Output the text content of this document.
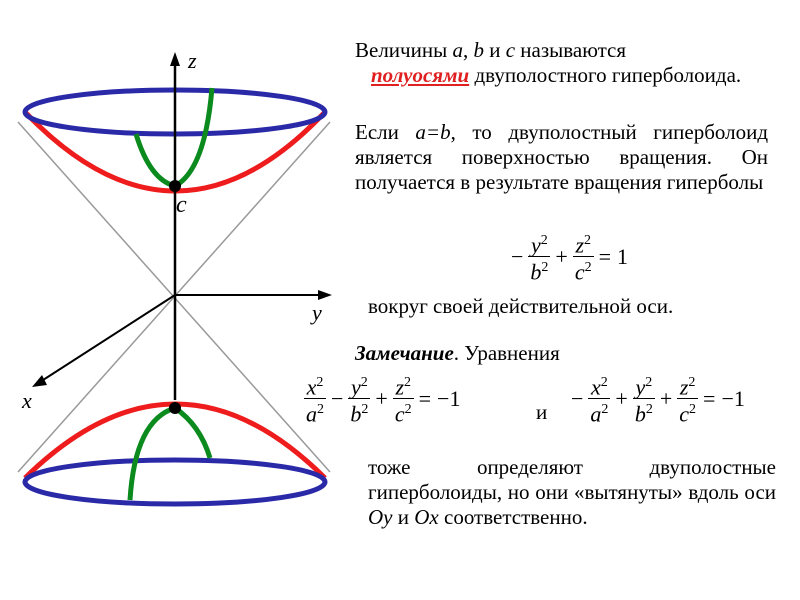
z
y
x
c
Величины a, b и c называются
полуосями двуполостного гиперболоида.
Если a=b, то двуполостный гиперболоид является поверхностью вращения. Он получается в результате вращения гиперболы
− $\frac{y^2}{b^2} + \frac{z^2}{c^2} = 1$
вокруг своей действительной оси.
Замечание. Уравнения
$\frac{x^2}{a^2} - \frac{y^2}{b^2} + \frac{z^2}{c^2} = -1$
и
− $\frac{x^2}{a^2} + \frac{y^2}{b^2} + \frac{z^2}{c^2} = -1$
тоже определяют двуполостные гиперболоиды, но они «вытянуты» вдоль оси Oy и Ox соответственно.
